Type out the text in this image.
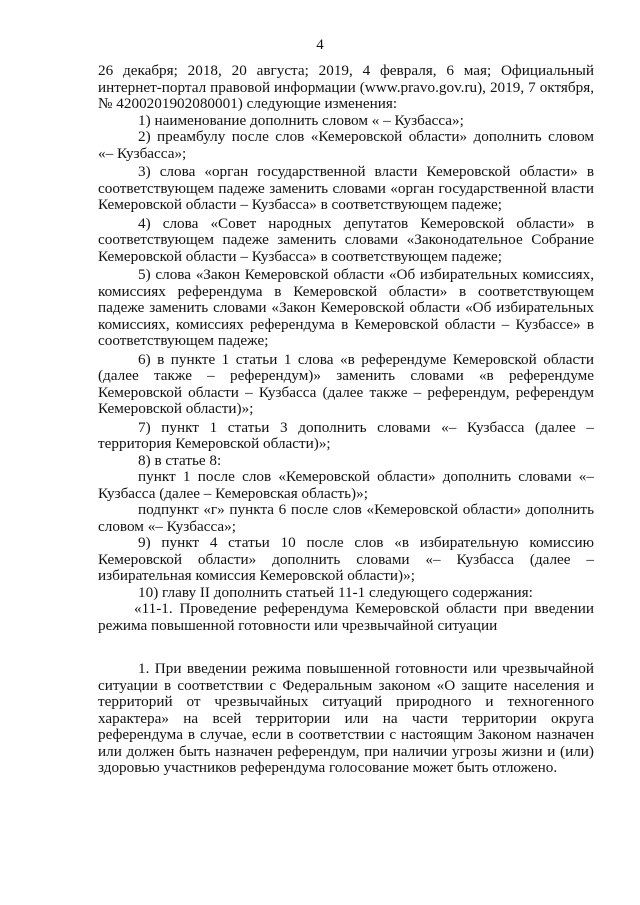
4

26 декабря; 2018, 20 августа; 2019, 4 февраля, 6 мая; Официальный интернет-портал правовой информации (www.pravo.gov.ru), 2019, 7 октября, № 4200201902080001) следующие изменения:

1) наименование дополнить словом « – Кузбасса»;

2) преамбулу после слов «Кемеровской области» дополнить словом «– Кузбасса»;

3) слова «орган государственной власти Кемеровской области» в соответствующем падеже заменить словами «орган государственной власти Кемеровской области – Кузбасса» в соответствующем падеже;

4) слова «Совет народных депутатов Кемеровской области» в соответствующем падеже заменить словами «Законодательное Собрание Кемеровской области – Кузбасса» в соответствующем падеже;

5) слова «Закон Кемеровской области «Об избирательных комиссиях, комиссиях референдума в Кемеровской области» в соответствующем падеже заменить словами «Закон Кемеровской области «Об избирательных комиссиях, комиссиях референдума в Кемеровской области – Кузбассе» в соответствующем падеже;

6) в пункте 1 статьи 1 слова «в референдуме Кемеровской области (далее также – референдум)» заменить словами «в референдуме Кемеровской области – Кузбасса (далее также – референдум, референдум Кемеровской области)»;

7) пункт 1 статьи 3 дополнить словами «– Кузбасса (далее – территория Кемеровской области)»;

8) в статье 8:

пункт 1 после слов «Кемеровской области» дополнить словами «– Кузбасса (далее – Кемеровская область)»;

подпункт «г» пункта 6 после слов «Кемеровской области» дополнить словом «– Кузбасса»;

9) пункт 4 статьи 10 после слов «в избирательную комиссию Кемеровской области» дополнить словами «– Кузбасса (далее – избирательная комиссия Кемеровской области)»;

10) главу II дополнить статьей 11-1 следующего содержания:

«11-1. Проведение референдума Кемеровской области при введении режима повышенной готовности или чрезвычайной ситуации

1. При введении режима повышенной готовности или чрезвычайной ситуации в соответствии с Федеральным законом «О защите населения и территорий от чрезвычайных ситуаций природного и техногенного характера» на всей территории или на части территории округа референдума в случае, если в соответствии с настоящим Законом назначен или должен быть назначен референдум, при наличии угрозы жизни и (или) здоровью участников референдума голосование может быть отложено.
